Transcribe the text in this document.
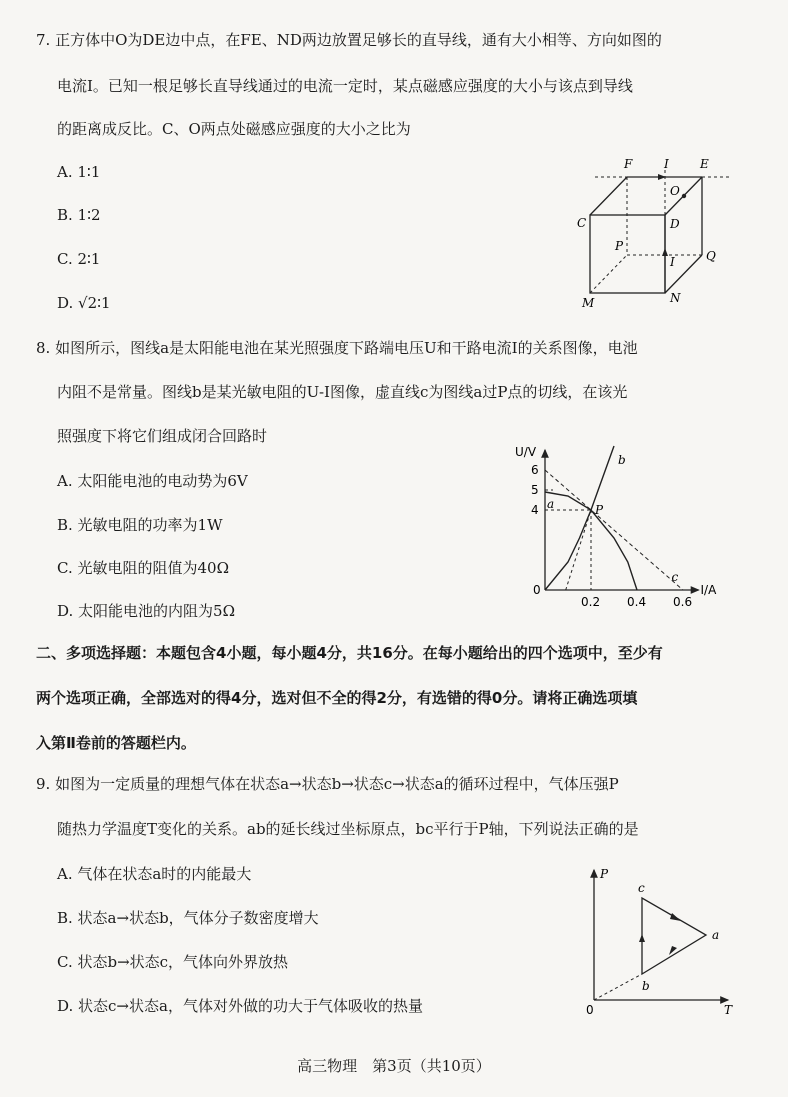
7. 正方体中O为DE边中点，在FE、ND两边放置足够长的直导线，通有大小相等、方向如图的
电流I。已知一根足够长直导线通过的电流一定时，某点磁感应强度的大小与该点到导线
的距离成反比。C、O两点处磁感应强度的大小之比为
A. 1∶1
B. 1∶2
C. 2∶1
D. √2∶1
F	I	E
O
C	D
P
I	Q
M	N
8. 如图所示，图线a是太阳能电池在某光照强度下路端电压U和干路电流I的关系图像，电池
内阻不是常量。图线b是某光敏电阻的U-I图像，虚直线c为图线a过P点的切线，在该光
照强度下将它们组成闭合回路时
A. 太阳能电池的电动势为6V
B. 光敏电阻的功率为1W
C. 光敏电阻的阻值为40Ω
D. 太阳能电池的内阻为5Ω
a
b
c
P
0.2 0.4 0.6
4
5
6
U/V
I/A
0
二、多项选择题：本题包含4小题，每小题4分，共16分。在每小题给出的四个选项中，至少有
两个选项正确，全部选对的得4分，选对但不全的得2分，有选错的得0分。请将正确选项填
入第Ⅱ卷前的答题栏内。
9. 如图为一定质量的理想气体在状态a→状态b→状态c→状态a的循环过程中，气体压强P
随热力学温度T变化的关系。ab的延长线过坐标原点，bc平行于P轴，下列说法正确的是
A. 气体在状态a时的内能最大
B. 状态a→状态b，气体分子数密度增大
C. 状态b→状态c，气体向外界放热
D. 状态c→状态a，气体对外做的功大于气体吸收的热量
P
T
0
c
a
b
高三物理　第3页（共10页）
